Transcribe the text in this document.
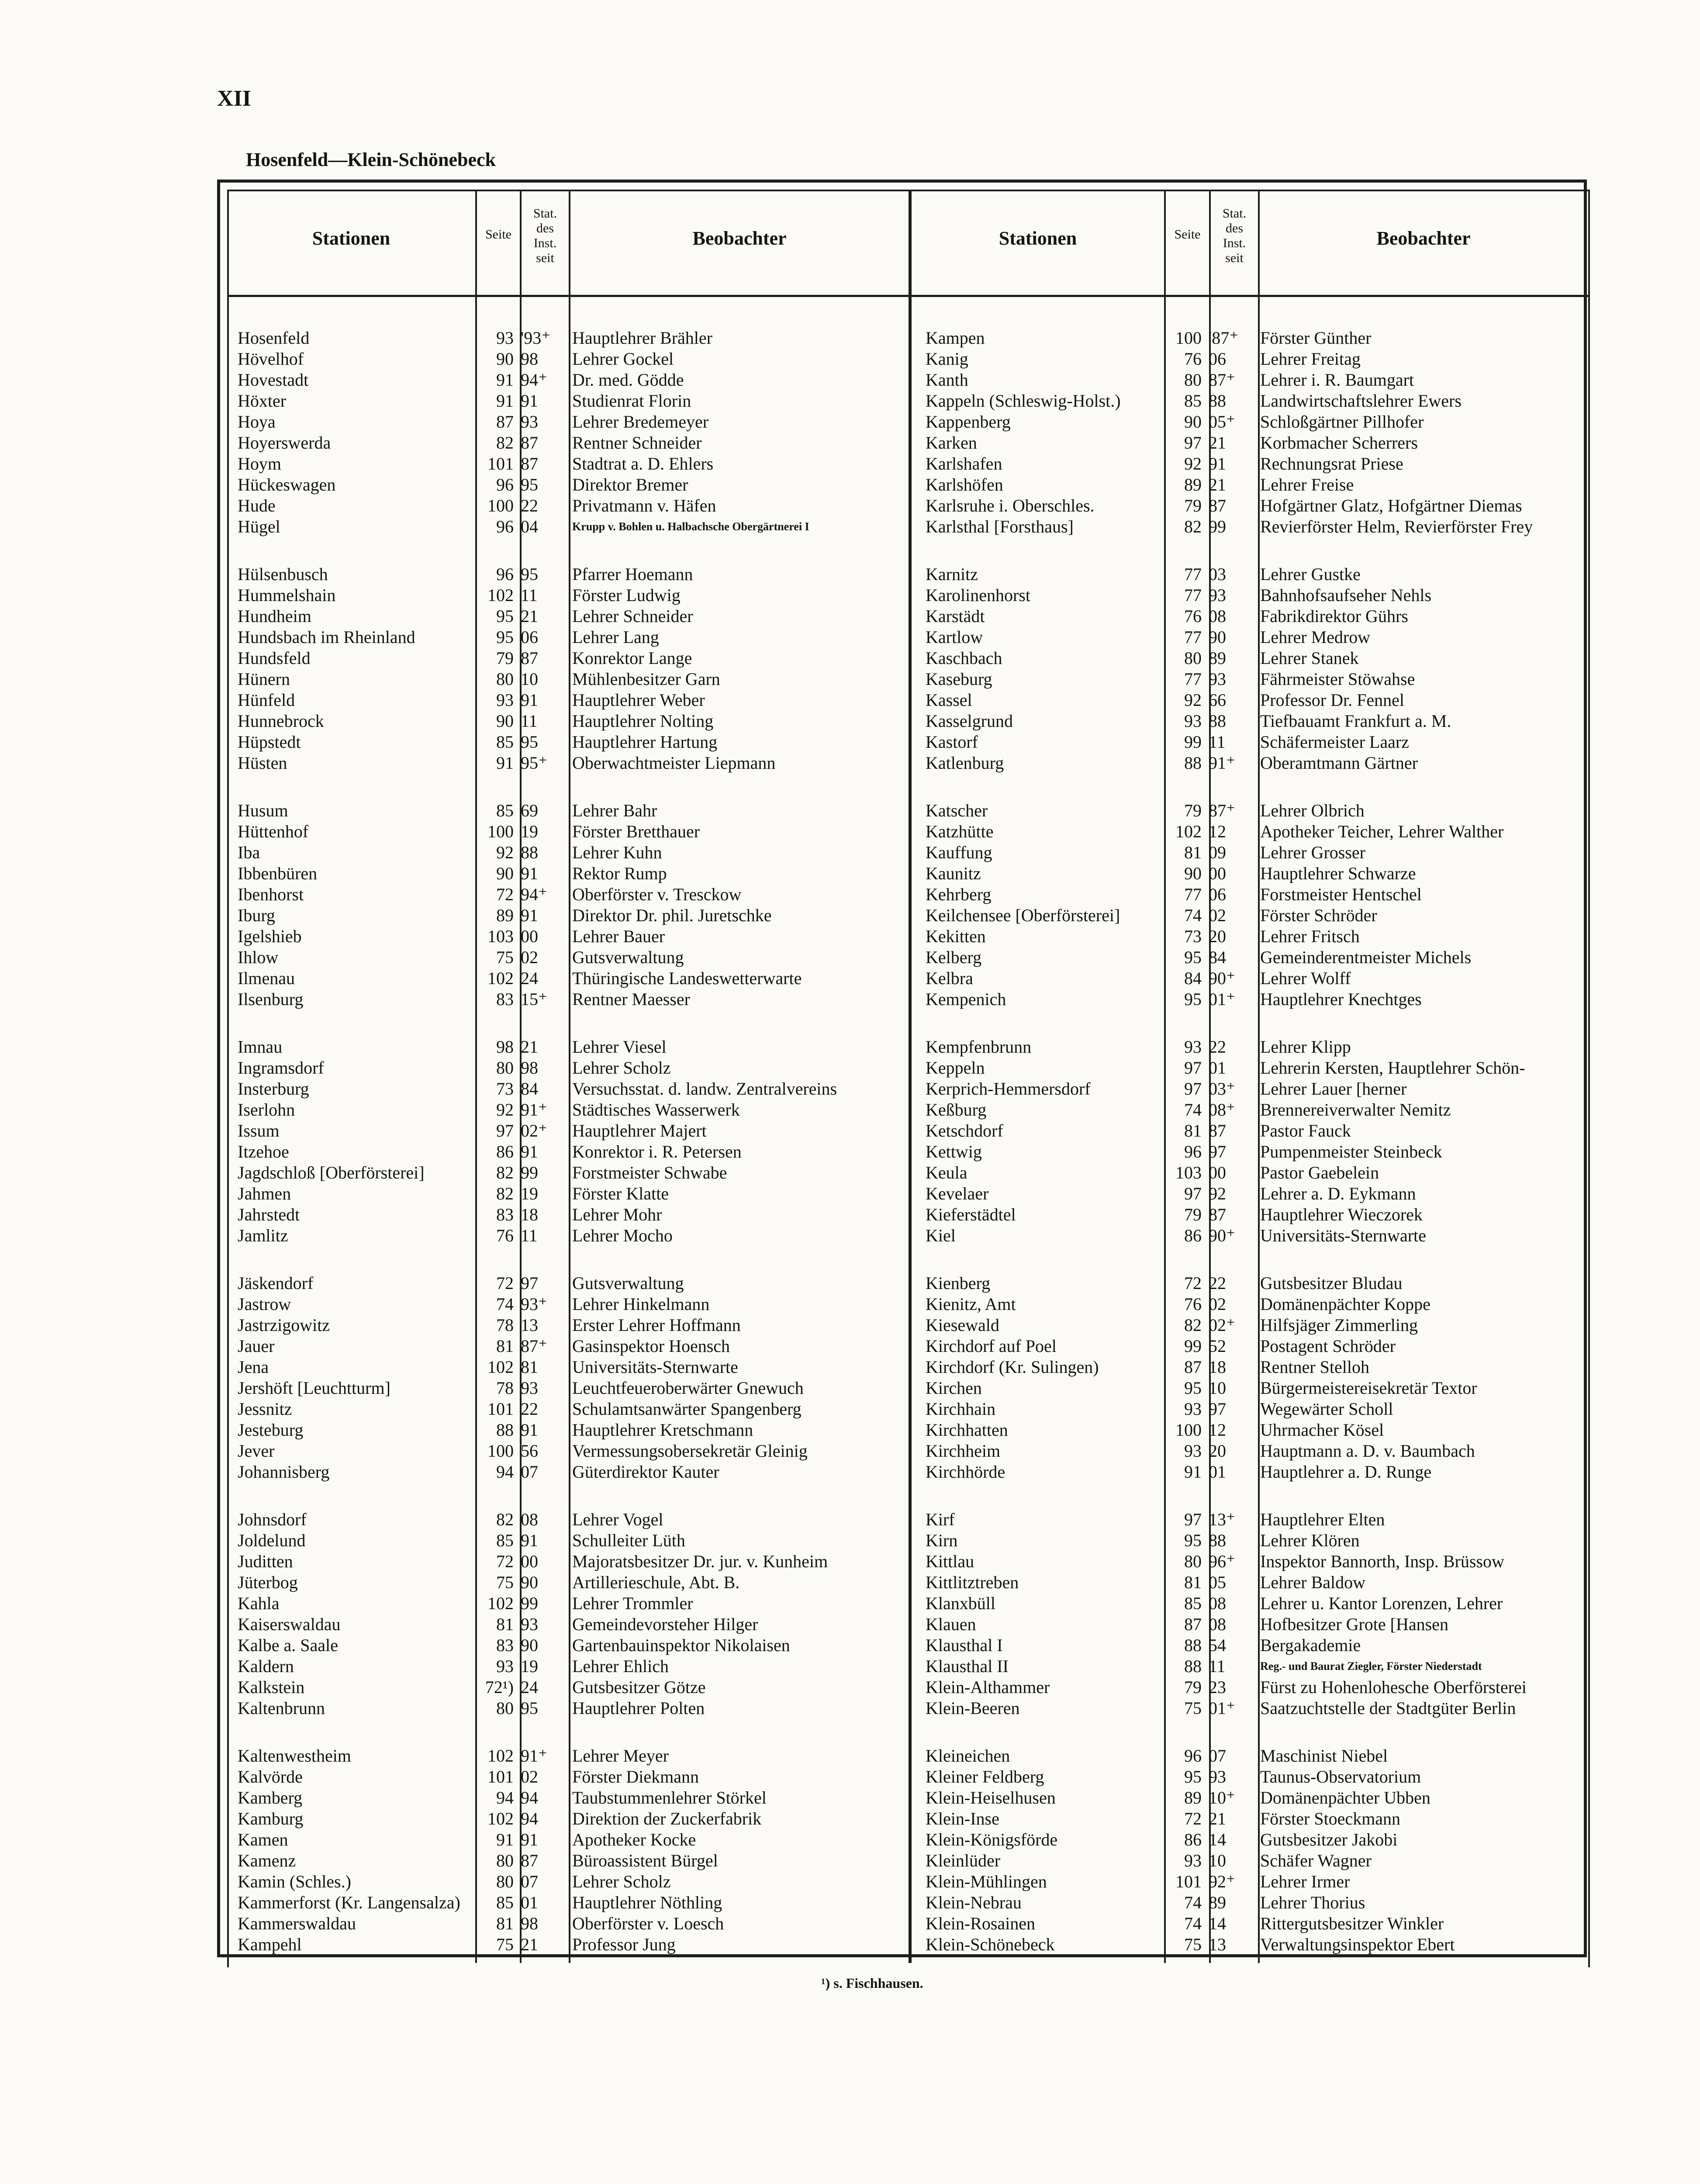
XII
Hosenfeld—Klein-Schönebeck
Stationen	Seite
Stat.
des
Inst.
seit
Beobachter	Stationen	Seite
Stat.
des
Inst.
seit
Beobachter
Hosenfeld	93 '93⁺	Hauptlehrer Brähler
Hövelhof	90 98	Lehrer Gockel
Hovestadt	91 94⁺	Dr. med. Gödde
Höxter	91 91	Studienrat Florin
Hoya	87 93	Lehrer Bredemeyer
Hoyerswerda	82 87	Rentner Schneider
Hoym	101 87	Stadtrat a. D. Ehlers
Hückeswagen	96 95	Direktor Bremer
Hude	100 22	Privatmann v. Häfen
Hügel	96 04	Krupp v. Bohlen u. Halbachsche Obergärtnerei I
Hülsenbusch	96 95	Pfarrer Hoemann
Hummelshain	102 11	Förster Ludwig
Hundheim	95 21	Lehrer Schneider
Hundsbach im Rheinland	95 06	Lehrer Lang
Hundsfeld	79 87	Konrektor Lange
Hünern	80 10	Mühlenbesitzer Garn
Hünfeld	93 91	Hauptlehrer Weber
Hunnebrock	90 11	Hauptlehrer Nolting
Hüpstedt	85 95	Hauptlehrer Hartung
Hüsten	91 95⁺	Oberwachtmeister Liepmann
Husum	85 69	Lehrer Bahr
Hüttenhof	100 19	Förster Bretthauer
Iba	92 88	Lehrer Kuhn
Ibbenbüren	90 91	Rektor Rump
Ibenhorst	72 94⁺	Oberförster v. Tresckow
Iburg	89 91	Direktor Dr. phil. Juretschke
Igelshieb	103 00	Lehrer Bauer
Ihlow	75 02	Gutsverwaltung
Ilmenau	102 24	Thüringische Landeswetterwarte
Ilsenburg	83 15⁺	Rentner Maesser
Imnau	98 21	Lehrer Viesel
Ingramsdorf	80 98	Lehrer Scholz
Insterburg	73 84	Versuchsstat. d. landw. Zentralvereins
Iserlohn	92 91⁺	Städtisches Wasserwerk
Issum	97 02⁺	Hauptlehrer Majert
Itzehoe	86 91	Konrektor i. R. Petersen
Jagdschloß [Oberförsterei]	82 99	Forstmeister Schwabe
Jahmen	82 19	Förster Klatte
Jahrstedt	83 18	Lehrer Mohr
Jamlitz	76 11	Lehrer Mocho
Jäskendorf	72 97	Gutsverwaltung
Jastrow	74 93⁺	Lehrer Hinkelmann
Jastrzigowitz	78 13	Erster Lehrer Hoffmann
Jauer	81 87⁺	Gasinspektor Hoensch
Jena	102 81	Universitäts-Sternwarte
Jershöft [Leuchtturm]	78 93	Leuchtfeueroberwärter Gnewuch
Jessnitz	101 22	Schulamtsanwärter Spangenberg
Jesteburg	88 91	Hauptlehrer Kretschmann
Jever	100 56	Vermessungsobersekretär Gleinig
Johannisberg	94 07	Güterdirektor Kauter
Johnsdorf	82 08	Lehrer Vogel
Joldelund	85 91	Schulleiter Lüth
Juditten	72 00	Majoratsbesitzer Dr. jur. v. Kunheim
Jüterbog	75 90	Artillerieschule, Abt. B.
Kahla	102 99	Lehrer Trommler
Kaiserswaldau	81 93	Gemeindevorsteher Hilger
Kalbe a. Saale	83 90	Gartenbauinspektor Nikolaisen
Kaldern	93 19	Lehrer Ehlich
Kalkstein	72¹) 24	Gutsbesitzer Götze
Kaltenbrunn	80 95	Hauptlehrer Polten
Kaltenwestheim	102 91⁺	Lehrer Meyer
Kalvörde	101 02	Förster Diekmann
Kamberg	94 94	Taubstummenlehrer Störkel
Kamburg	102 94	Direktion der Zuckerfabrik
Kamen	91 91	Apotheker Kocke
Kamenz	80 87	Büroassistent Bürgel
Kamin (Schles.)	80 07	Lehrer Scholz
Kammerforst (Kr. Langensalza)	85 01	Hauptlehrer Nöthling
Kammerswaldau	81 98	Oberförster v. Loesch
Kampehl	75 21	Professor Jung
Kampen	100 '87⁺	Förster Günther
Kanig	76 06	Lehrer Freitag
Kanth	80 87⁺	Lehrer i. R. Baumgart
Kappeln (Schleswig-Holst.)	85 88	Landwirtschaftslehrer Ewers
Kappenberg	90 05⁺	Schloßgärtner Pillhofer
Karken	97 21	Korbmacher Scherrers
Karlshafen	92 91	Rechnungsrat Priese
Karlshöfen	89 21	Lehrer Freise
Karlsruhe i. Oberschles.	79 87	Hofgärtner Glatz, Hofgärtner Diemas
Karlsthal [Forsthaus]	82 99	Revierförster Helm, Revierförster Frey
Karnitz	77 03	Lehrer Gustke
Karolinenhorst	77 93	Bahnhofsaufseher Nehls
Karstädt	76 08	Fabrikdirektor Gührs
Kartlow	77 90	Lehrer Medrow
Kaschbach	80 89	Lehrer Stanek
Kaseburg	77 93	Fährmeister Stöwahse
Kassel	92 66	Professor Dr. Fennel
Kasselgrund	93 88	Tiefbauamt Frankfurt a. M.
Kastorf	99 11	Schäfermeister Laarz
Katlenburg	88 91⁺	Oberamtmann Gärtner
Katscher	79 87⁺	Lehrer Olbrich
Katzhütte	102 12	Apotheker Teicher, Lehrer Walther
Kauffung	81 09	Lehrer Grosser
Kaunitz	90 00	Hauptlehrer Schwarze
Kehrberg	77 06	Forstmeister Hentschel
Keilchensee [Oberförsterei]	74 02	Förster Schröder
Kekitten	73 20	Lehrer Fritsch
Kelberg	95 84	Gemeinderentmeister Michels
Kelbra	84 90⁺	Lehrer Wolff
Kempenich	95 01⁺	Hauptlehrer Knechtges
Kempfenbrunn	93 22	Lehrer Klipp
Keppeln	97 01	Lehrerin Kersten, Hauptlehrer Schön-
Kerprich-Hemmersdorf	97 03⁺	Lehrer Lauer [herner
Keßburg	74 08⁺	Brennereiverwalter Nemitz
Ketschdorf	81 87	Pastor Fauck
Kettwig	96 97	Pumpenmeister Steinbeck
Keula	103 00	Pastor Gaebelein
Kevelaer	97 92	Lehrer a. D. Eykmann
Kieferstädtel	79 87	Hauptlehrer Wieczorek
Kiel	86 90⁺	Universitäts-Sternwarte
Kienberg	72 22	Gutsbesitzer Bludau
Kienitz, Amt	76 02	Domänenpächter Koppe
Kiesewald	82 02⁺	Hilfsjäger Zimmerling
Kirchdorf auf Poel	99 52	Postagent Schröder
Kirchdorf (Kr. Sulingen)	87 18	Rentner Stelloh
Kirchen	95 10	Bürgermeistereisekretär Textor
Kirchhain	93 97	Wegewärter Scholl
Kirchhatten	100 12	Uhrmacher Kösel
Kirchheim	93 20	Hauptmann a. D. v. Baumbach
Kirchhörde	91 01	Hauptlehrer a. D. Runge
Kirf	97 13⁺	Hauptlehrer Elten
Kirn	95 88	Lehrer Klören
Kittlau	80 96⁺	Inspektor Bannorth, Insp. Brüssow
Kittlitztreben	81 05	Lehrer Baldow
Klanxbüll	85 08	Lehrer u. Kantor Lorenzen, Lehrer
Klauen	87 08	Hofbesitzer Grote [Hansen
Klausthal I	88 54	Bergakademie
Klausthal II	88 11	Reg.- und Baurat Ziegler, Förster Niederstadt
Klein-Althammer	79 23	Fürst zu Hohenlohesche Oberförsterei
Klein-Beeren	75 01⁺	Saatzuchtstelle der Stadtgüter Berlin
Kleineichen	96 07	Maschinist Niebel
Kleiner Feldberg	95 93	Taunus-Observatorium
Klein-Heiselhusen	89 10⁺	Domänenpächter Ubben
Klein-Inse	72 21	Förster Stoeckmann
Klein-Königsförde	86 14	Gutsbesitzer Jakobi
Kleinlüder	93 10	Schäfer Wagner
Klein-Mühlingen	101 92⁺	Lehrer Irmer
Klein-Nebrau	74 89	Lehrer Thorius
Klein-Rosainen	74 14	Rittergutsbesitzer Winkler
Klein-Schönebeck	75 13	Verwaltungsinspektor Ebert
¹) s. Fischhausen.
